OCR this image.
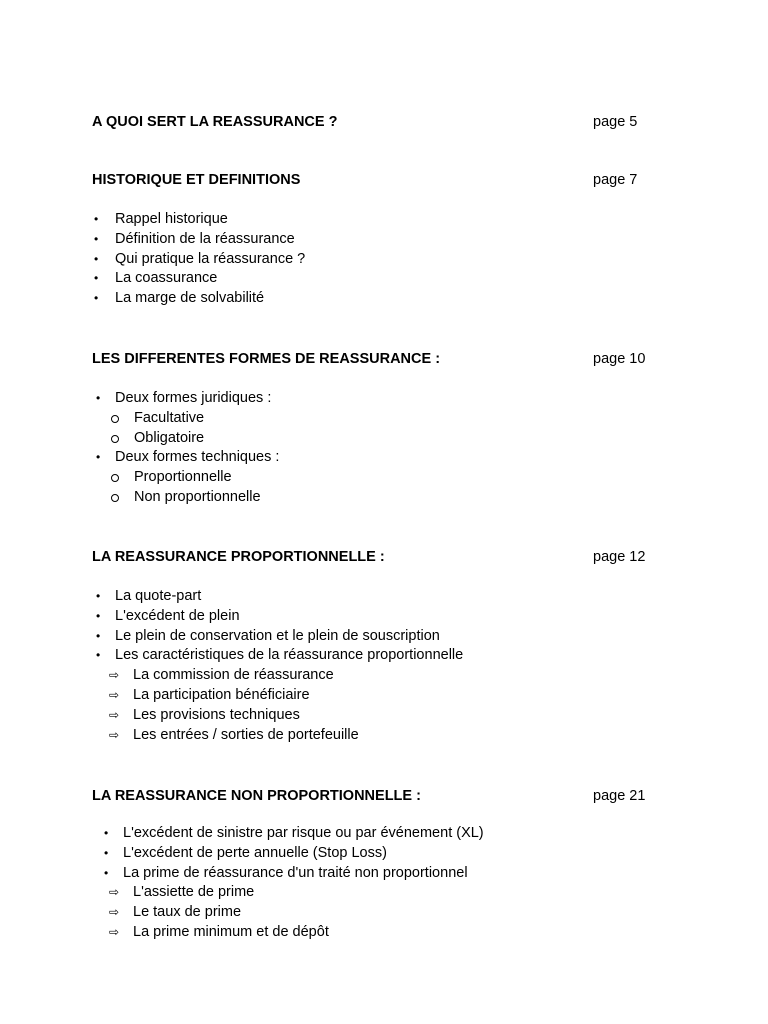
A QUOI SERT LA REASSURANCE ?	page 5
HISTORIQUE ET DEFINITIONS	page 7
• Rappel historique
• Définition de la réassurance
• Qui pratique la réassurance ?
• La coassurance
• La marge de solvabilité
LES DIFFERENTES FORMES DE REASSURANCE :	page 10
• Deux formes juridiques :
Facultative
Obligatoire
• Deux formes techniques :
Proportionnelle
Non proportionnelle
LA REASSURANCE PROPORTIONNELLE :	page 12
• La quote-part
• L'excédent de plein
• Le plein de conservation et le plein de souscription
• Les caractéristiques de la réassurance proportionnelle
⇨ La commission de réassurance
⇨ La participation bénéficiaire
⇨ Les provisions techniques
⇨ Les entrées / sorties de portefeuille
LA REASSURANCE NON PROPORTIONNELLE :	page 21
• L'excédent de sinistre par risque ou par événement (XL)
• L'excédent de perte annuelle (Stop Loss)
• La prime de réassurance d'un traité non proportionnel
⇨ L'assiette de prime
⇨ Le taux de prime
⇨ La prime minimum et de dépôt
